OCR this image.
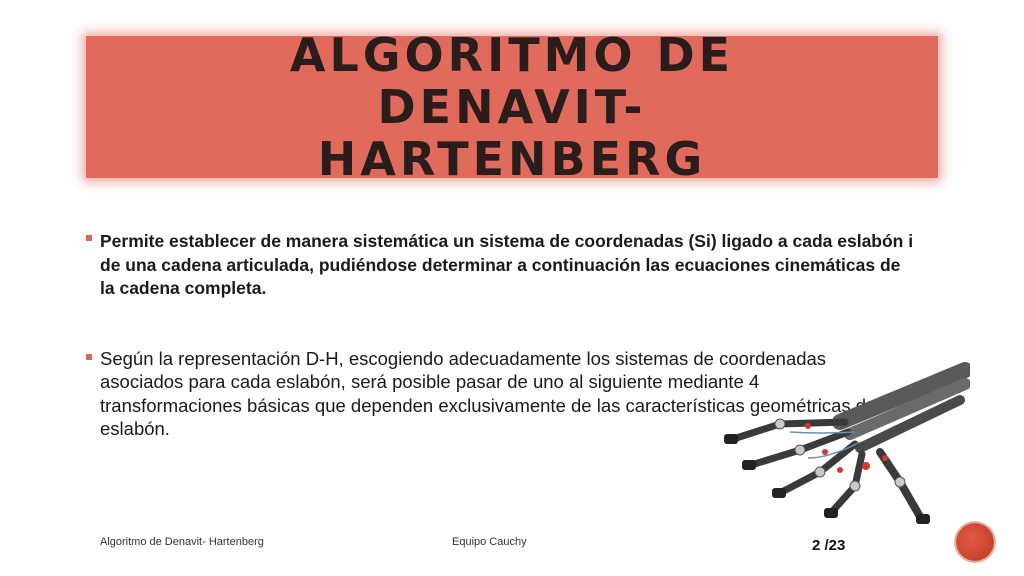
ALGORITMO DE DENAVIT-HARTENBERG
Permite establecer de manera sistemática un sistema de coordenadas (Si) ligado a cada eslabón i de una cadena articulada, pudiéndose determinar a continuación las ecuaciones cinemáticas de la cadena completa.
Según la representación D-H, escogiendo adecuadamente los sistemas de coordenadas asociados para cada eslabón, será posible pasar de uno al siguiente mediante 4 transformaciones básicas que dependen exclusivamente de las características geométricas del eslabón.
Algoritmo de Denavit- Hartenberg	Equipo Cauchy	2 /23
